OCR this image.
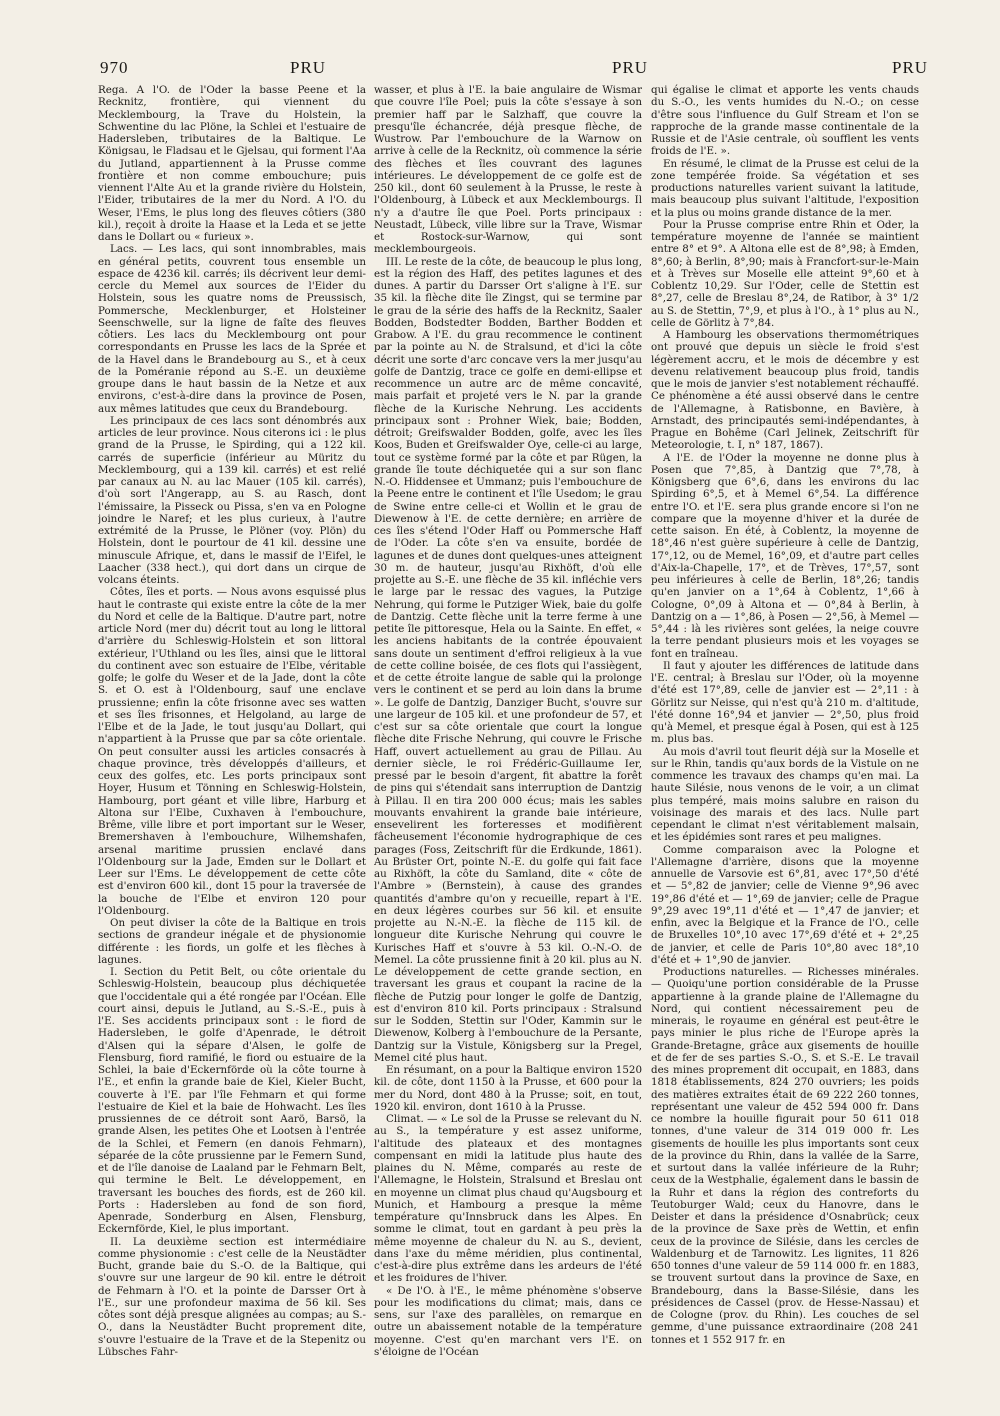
970	PRU	PRU	PRU

Rega. A l'O. de l'Oder la basse Peene et la Recknitz, frontière, qui viennent du Mecklembourg, la Trave du Holstein, la Schwentine du lac Plöne, la Schlei et l'estuaire de Hadersleben, tributaires de la Baltique. Le Königsau, le Fladsau et le Gjelsau, qui forment l'Aa du Jutland, appartiennent à la Prusse comme frontière et non comme embouchure; puis viennent l'Alte Au et la grande rivière du Holstein, l'Eider, tributaires de la mer du Nord. A l'O. du Weser, l'Ems, le plus long des fleuves côtiers (380 kil.), reçoit à droite la Haase et la Leda et se jette dans le Dollart ou « furieux ».

Lacs. — Les lacs, qui sont innombrables, mais en général petits, couvrent tous ensemble un espace de 4236 kil. carrés; ils décrivent leur demi-cercle du Memel aux sources de l'Eider du Holstein, sous les quatre noms de Preussisch, Pommersche, Mecklenburger, et Holsteiner Seenschwelle, sur la ligne de faîte des fleuves côtiers. Les lacs du Mecklembourg ont pour correspondants en Prusse les lacs de la Sprée et de la Havel dans le Brandebourg au S., et à ceux de la Poméranie répond au S.-E. un deuxième groupe dans le haut bassin de la Netze et aux environs, c'est-à-dire dans la province de Posen, aux mêmes latitudes que ceux du Brandebourg.

Les principaux de ces lacs sont dénombrés aux articles de leur province. Nous citerons ici : le plus grand de la Prusse, le Spirding, qui a 122 kil. carrés de superficie (inférieur au Müritz du Mecklembourg, qui a 139 kil. carrés) et est relié par canaux au N. au lac Mauer (105 kil. carrés), d'où sort l'Angerapp, au S. au Rasch, dont l'émissaire, la Pisseck ou Pissa, s'en va en Pologne joindre le Naref; et les plus curieux, à l'autre extrémité de la Prusse, le Plöner (voy. Plön) du Holstein, dont le pourtour de 41 kil. dessine une minuscule Afrique, et, dans le massif de l'Eifel, le Laacher (338 hect.), qui dort dans un cirque de volcans éteints.

Côtes, îles et ports. — Nous avons esquissé plus haut le contraste qui existe entre la côte de la mer du Nord et celle de la Baltique. D'autre part, notre article Nord (mer du) décrit tout au long le littoral d'arrière du Schleswig-Holstein et son littoral extérieur, l'Uthland ou les îles, ainsi que le littoral du continent avec son estuaire de l'Elbe, véritable golfe; le golfe du Weser et de la Jade, dont la côte S. et O. est à l'Oldenbourg, sauf une enclave prussienne; enfin la côte frisonne avec ses watten et ses îles frisonnes, et Helgoland, au large de l'Elbe et de la Jade, le tout jusqu'au Dollart, qui n'appartient à la Prusse que par sa côte orientale. On peut consulter aussi les articles consacrés à chaque province, très développés d'ailleurs, et ceux des golfes, etc. Les ports principaux sont Hoyer, Husum et Tönning en Schleswig-Holstein, Hambourg, port géant et ville libre, Harburg et Altona sur l'Elbe, Cuxhaven à l'embouchure, Brême, ville libre et port important sur le Weser, Bremershaven à l'embouchure, Wilhemshafen, arsenal maritime prussien enclavé dans l'Oldenbourg sur la Jade, Emden sur le Dollart et Leer sur l'Ems. Le développement de cette côte est d'environ 600 kil., dont 15 pour la traversée de la bouche de l'Elbe et environ 120 pour l'Oldenbourg.

On peut diviser la côte de la Baltique en trois sections de grandeur inégale et de physionomie différente : les fiords, un golfe et les flèches à lagunes.

I. Section du Petit Belt, ou côte orientale du Schleswig-Holstein, beaucoup plus déchiquetée que l'occidentale qui a été rongée par l'Océan. Elle court ainsi, depuis le Jutland, au S.-S.-E., puis à l'E. Ses accidents principaux sont : le fiord de Hadersleben, le golfe d'Apenrade, le détroit d'Alsen qui la sépare d'Alsen, le golfe de Flensburg, fiord ramifié, le fiord ou estuaire de la Schlei, la baie d'Eckernförde où la côte tourne à l'E., et enfin la grande baie de Kiel, Kieler Bucht, couverte à l'E. par l'île Fehmarn et qui forme l'estuaire de Kiel et la baie de Hohwacht. Les îles prussiennes de ce détroit sont Aarö, Barsö, la grande Alsen, les petites Ohe et Lootsen à l'entrée de la Schlei, et Femern (en danois Fehmarn), séparée de la côte prussienne par le Femern Sund, et de l'île danoise de Laaland par le Fehmarn Belt, qui termine le Belt. Le développement, en traversant les bouches des fiords, est de 260 kil. Ports : Hadersleben au fond de son fiord, Apenrade, Sonderburg en Alsen, Flensburg, Eckernförde, Kiel, le plus important.

II. La deuxième section est intermédiaire comme physionomie : c'est celle de la Neustädter Bucht, grande baie du S.-O. de la Baltique, qui s'ouvre sur une largeur de 90 kil. entre le détroit de Fehmarn à l'O. et la pointe de Darsser Ort à l'E., sur une profondeur maxima de 56 kil. Ses côtes sont déjà presque alignées au compas; au S.-O., dans la Neustädter Bucht proprement dite, s'ouvre l'estuaire de la Trave et de la Stepenitz ou Lübsches Fahr-

wasser, et plus à l'E. la baie angulaire de Wismar que couvre l'île Poel; puis la côte s'essaye à son premier haff par le Salzhaff, que couvre la presqu'île échancrée, déjà presque flèche, de Wustrow. Par l'embouchure de la Warnow on arrive à celle de la Recknitz, où commence la série des flèches et îles couvrant des lagunes intérieures. Le développement de ce golfe est de 250 kil., dont 60 seulement à la Prusse, le reste à l'Oldenbourg, à Lübeck et aux Mecklembourgs. Il n'y a d'autre île que Poel. Ports principaux : Neustadt, Lübeck, ville libre sur la Trave, Wismar et Rostock-sur-Warnow, qui sont mecklembourgeois.

III. Le reste de la côte, de beaucoup le plus long, est la région des Haff, des petites lagunes et des dunes. A partir du Darsser Ort s'aligne à l'E. sur 35 kil. la flèche dite île Zingst, qui se termine par le grau de la série des haffs de la Recknitz, Saaler Bodden, Bodstedter Bodden, Barther Bodden et Grabow. A l'E. du grau recommence le continent par la pointe au N. de Stralsund, et d'ici la côte décrit une sorte d'arc concave vers la mer jusqu'au golfe de Dantzig, trace ce golfe en demi-ellipse et recommence un autre arc de même concavité, mais parfait et projeté vers le N. par la grande flèche de la Kurische Nehrung. Les accidents principaux sont : Prohner Wiek, baie; Bodden, détroit; Greifswalder Bodden, golfe, avec les îles Koos, Buden et Greifswalder Oye, celle-ci au large, tout ce système formé par la côte et par Rügen, la grande île toute déchiquetée qui a sur son flanc N.-O. Hiddensee et Ummanz; puis l'embouchure de la Peene entre le continent et l'île Usedom; le grau de Swine entre celle-ci et Wollin et le grau de Diewenow à l'E. de cette dernière; en arrière de ces îles s'étend l'Oder Haff ou Pommersche Haff de l'Oder. La côte s'en va ensuite, bordée de lagunes et de dunes dont quelques-unes atteignent 30 m. de hauteur, jusqu'au Rixhöft, d'où elle projette au S.-E. une flèche de 35 kil. infléchie vers le large par le ressac des vagues, la Putzige Nehrung, qui forme le Putziger Wiek, baie du golfe de Dantzig. Cette flèche unit la terre ferme à une petite île pittoresque, Hela ou la Sainte. En effet, « les anciens habitants de la contrée épouvaient sans doute un sentiment d'effroi religieux à la vue de cette colline boisée, de ces flots qui l'assiègent, et de cette étroite langue de sable qui la prolonge vers le continent et se perd au loin dans la brume ». Le golfe de Dantzig, Danziger Bucht, s'ouvre sur une largeur de 105 kil. et une profondeur de 57, et c'est sur sa côte orientale que court la longue flèche dite Frische Nehrung, qui couvre le Frische Haff, ouvert actuellement au grau de Pillau. Au dernier siècle, le roi Frédéric-Guillaume Ier, pressé par le besoin d'argent, fit abattre la forêt de pins qui s'étendait sans interruption de Dantzig à Pillau. Il en tira 200 000 écus; mais les sables mouvants envahirent la grande baie intérieure, ensevelirent les forteresses et modifièrent fâcheusement l'économie hydrographique de ces parages (Foss, Zeitschrift für die Erdkunde, 1861). Au Brüster Ort, pointe N.-E. du golfe qui fait face au Rixhöft, la côte du Samland, dite « côte de l'Ambre » (Bernstein), à cause des grandes quantités d'ambre qu'on y recueille, repart à l'E. en deux légères courbes sur 56 kil. et ensuite projette au N.-N.-E. la flèche de 115 kil. de longueur dite Kurische Nehrung qui couvre le Kurisches Haff et s'ouvre à 53 kil. O.-N.-O. de Memel. La côte prussienne finit à 20 kil. plus au N. Le développement de cette grande section, en traversant les graus et coupant la racine de la flèche de Putzig pour longer le golfe de Dantzig, est d'environ 810 kil. Ports principaux : Stralsund sur le Sodden, Stettin sur l'Oder, Kammin sur le Diewenow, Kolberg à l'embouchure de la Persante, Dantzig sur la Vistule, Königsberg sur la Pregel, Memel cité plus haut.

En résumant, on a pour la Baltique environ 1520 kil. de côte, dont 1150 à la Prusse, et 600 pour la mer du Nord, dont 480 à la Prusse; soit, en tout, 1920 kil. environ, dont 1610 à la Prusse.

Climat. — « Le sol de la Prusse se relevant du N. au S., la température y est assez uniforme, l'altitude des plateaux et des montagnes compensant en midi la latitude plus haute des plaines du N. Même, comparés au reste de l'Allemagne, le Holstein, Stralsund et Breslau ont en moyenne un climat plus chaud qu'Augsbourg et Munich, et Hambourg a presque la même température qu'Innsbruck dans les Alpes. En somme le climat, tout en gardant à peu près la même moyenne de chaleur du N. au S., devient, dans l'axe du même méridien, plus continental, c'est-à-dire plus extrême dans les ardeurs de l'été et les froidures de l'hiver.

« De l'O. à l'E., le même phénomène s'observe pour les modifications du climat; mais, dans ce sens, sur l'axe des parallèles, on remarque en outre un abaissement notable de la température moyenne. C'est qu'en marchant vers l'E. on s'éloigne de l'Océan

qui égalise le climat et apporte les vents chauds du S.-O., les vents humides du N.-O.; on cesse d'être sous l'influence du Gulf Stream et l'on se rapproche de la grande masse continentale de la Russie et de l'Asie centrale, où soufflent les vents froids de l'E. ».

En résumé, le climat de la Prusse est celui de la zone tempérée froide. Sa végétation et ses productions naturelles varient suivant la latitude, mais beaucoup plus suivant l'altitude, l'exposition et la plus ou moins grande distance de la mer.

Pour la Prusse comprise entre Rhin et Oder, la température moyenne de l'année se maintient entre 8° et 9°. A Altona elle est de 8°,98; à Emden, 8°,60; à Berlin, 8°,90; mais à Francfort-sur-le-Main et à Trèves sur Moselle elle atteint 9°,60 et à Coblentz 10,29. Sur l'Oder, celle de Stettin est 8°,27, celle de Breslau 8°,24, de Ratibor, à 3° 1/2 au S. de Stettin, 7°,9, et plus à l'O., à 1° plus au N., celle de Görlitz à 7°,84.

A Hambourg les observations thermométriques ont prouvé que depuis un siècle le froid s'est légèrement accru, et le mois de décembre y est devenu relativement beaucoup plus froid, tandis que le mois de janvier s'est notablement réchauffé. Ce phénomène a été aussi observé dans le centre de l'Allemagne, à Ratisbonne, en Bavière, à Arnstadt, des principautés semi-indépendantes, à Prague en Bohême (Carl Jelinek, Zeitschrift für Meteorologie, t. I, n° 187, 1867).

A l'E. de l'Oder la moyenne ne donne plus à Posen que 7°,85, à Dantzig que 7°,78, à Königsberg que 6°,6, dans les environs du lac Spirding 6°,5, et à Memel 6°,54. La différence entre l'O. et l'E. sera plus grande encore si l'on ne compare que la moyenne d'hiver et la durée de cette saison. En été, à Coblentz, la moyenne de 18°,46 n'est guère supérieure à celle de Dantzig, 17°,12, ou de Memel, 16°,09, et d'autre part celles d'Aix-la-Chapelle, 17°, et de Trèves, 17°,57, sont peu inférieures à celle de Berlin, 18°,26; tandis qu'en janvier on a 1°,64 à Coblentz, 1°,66 à Cologne, 0°,09 à Altona et — 0°,84 à Berlin, à Dantzig on a — 1°,86, à Posen — 2°,56, à Memel — 5°,44 : là les rivières sont gelées, la neige couvre la terre pendant plusieurs mois et les voyages se font en traîneau.

Il faut y ajouter les différences de latitude dans l'E. central; à Breslau sur l'Oder, où la moyenne d'été est 17°,89, celle de janvier est — 2°,11 : à Görlitz sur Neisse, qui n'est qu'à 210 m. d'altitude, l'été donne 16°,94 et janvier — 2°,50, plus froid qu'à Memel, et presque égal à Posen, qui est à 125 m. plus bas.

Au mois d'avril tout fleurit déjà sur la Moselle et sur le Rhin, tandis qu'aux bords de la Vistule on ne commence les travaux des champs qu'en mai. La haute Silésie, nous venons de le voir, a un climat plus tempéré, mais moins salubre en raison du voisinage des marais et des lacs. Nulle part cependant le climat n'est véritablement malsain, et les épidémies sont rares et peu malignes.

Comme comparaison avec la Pologne et l'Allemagne d'arrière, disons que la moyenne annuelle de Varsovie est 6°,81, avec 17°,50 d'été et — 5°,82 de janvier; celle de Vienne 9°,96 avec 19°,86 d'été et — 1°,69 de janvier; celle de Prague 9°,29 avec 19°,11 d'été et — 1°,47 de janvier; et enfin, avec la Belgique et la France de l'O., celle de Bruxelles 10°,10 avec 17°,69 d'été et + 2°,25 de janvier, et celle de Paris 10°,80 avec 18°,10 d'été et + 1°,90 de janvier.

Productions naturelles. — Richesses minérales. — Quoiqu'une portion considérable de la Prusse appartienne à la grande plaine de l'Allemagne du Nord, qui contient nécessairement peu de minerais, le royaume en général est peut-être le pays minier le plus riche de l'Europe après la Grande-Bretagne, grâce aux gisements de houille et de fer de ses parties S.-O., S. et S.-E. Le travail des mines proprement dit occupait, en 1883, dans 1818 établissements, 824 270 ouvriers; les poids des matières extraites était de 69 222 260 tonnes, représentant une valeur de 452 594 000 fr. Dans ce nombre la houille figurait pour 50 611 018 tonnes, d'une valeur de 314 019 000 fr. Les gisements de houille les plus importants sont ceux de la province du Rhin, dans la vallée de la Sarre, et surtout dans la vallée inférieure de la Ruhr; ceux de la Westphalie, également dans le bassin de la Ruhr et dans la région des contreforts du Teutoburger Wald; ceux du Hanovre, dans le Deister et dans la présidence d'Osnabrück; ceux de la province de Saxe près de Wettin, et enfin ceux de la province de Silésie, dans les cercles de Waldenburg et de Tarnowitz. Les lignites, 11 826 650 tonnes d'une valeur de 59 114 000 fr. en 1883, se trouvent surtout dans la province de Saxe, en Brandebourg, dans la Basse-Silésie, dans les présidences de Cassel (prov. de Hesse-Nassau) et de Cologne (prov. du Rhin). Les couches de sel gemme, d'une puissance extraordinaire (208 241 tonnes et 1 552 917 fr. en
